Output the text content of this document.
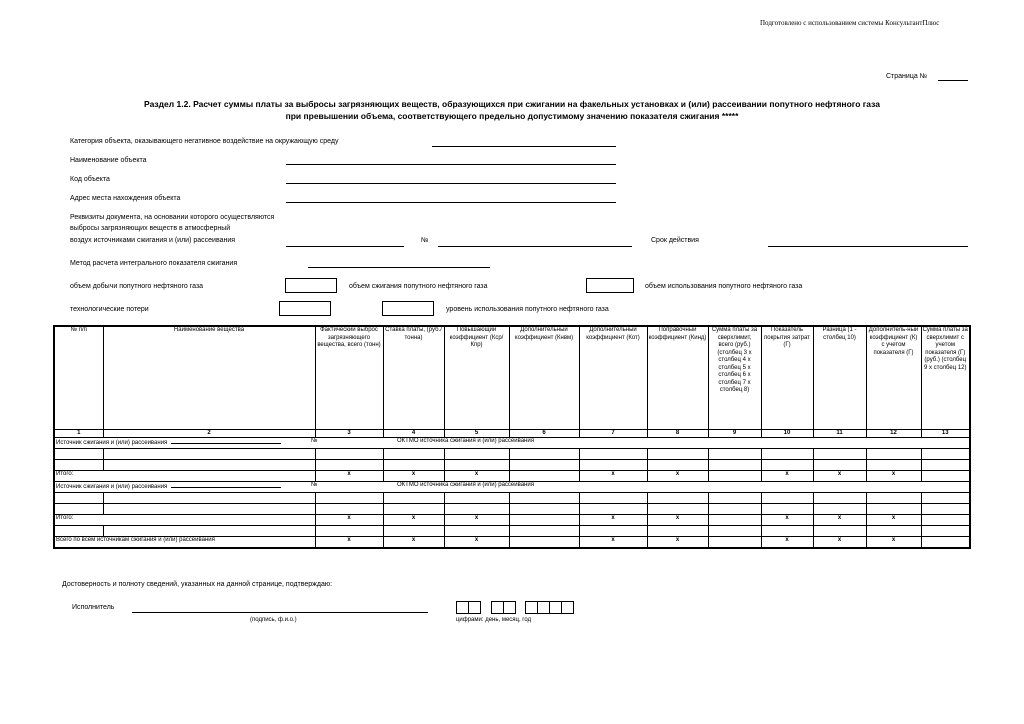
Подготовлено с использованием системы КонсультантПлюс
Страница №
Раздел 1.2. Расчет суммы платы за выбросы загрязняющих веществ, образующихся при сжигании на факельных установках и (или) рассеивании попутного нефтяного газа
при превышении объема, соответствующего предельно допустимому значению показателя сжигания *****
Категория объекта, оказывающего негативное воздействие на окружающую среду
Наименование объекта
Код объекта
Адрес места нахождения объекта
Реквизиты документа, на основании которого осуществляются
выбросы загрязняющих веществ в атмосферный
воздух источниками сжигания и (или) рассеивания	№	Срок действия
Метод расчета интегрального показателя сжигания
объем добычи попутного нефтяного газа	объем сжигания попутного нефтяного газа	объем использования попутного нефтяного газа
технологические потери	уровень использования попутного нефтяного газа
№ п/п	Наименование вещества	Фактический выброс загрязняющего вещества, всего (тонн)	Ставка платы, (руб./тонна)	Повышающий коэффициент (Кср/Кпр)	Дополнительный коэффициент (Кнвм)	Дополнительный коэффициент (Кот)	Поправочный коэффициент (Кинд)	Сумма платы за сверхлимит, всего (руб.) (столбец 3 x столбец 4 x столбец 5 x столбец 6 x столбец 7 x столбец 8)	Показатель покрытия затрат (Г)	Разница (1 - столбец 10)	Дополнитель-ный коэффициент (К) с учетом показателя (Г)	Сумма платы за сверхлимит с учетом показателя (Г) (руб.) (столбец 9 x столбец 12)
1	2	3	4	5	6	7	8	9	10	11	12	13
Источник сжигания и (или) рассеивания № ОКТМО источника сжигания и (или) рассеивания												

Итого:		х	х	х		х	х		х	х	х	
Источник сжигания и (или) рассеивания № ОКТМО источника сжигания и (или) рассеивания												

Итого:		х	х	х		х	х		х	х	х	

Всего по всем источникам сжигания и (или) рассеивания		х	х	х		х	х		х	х	х	
Достоверность и полноту сведений, указанных на данной странице, подтверждаю:
Исполнитель
(подпись, ф.и.о.)	цифрами: день, месяц, год
